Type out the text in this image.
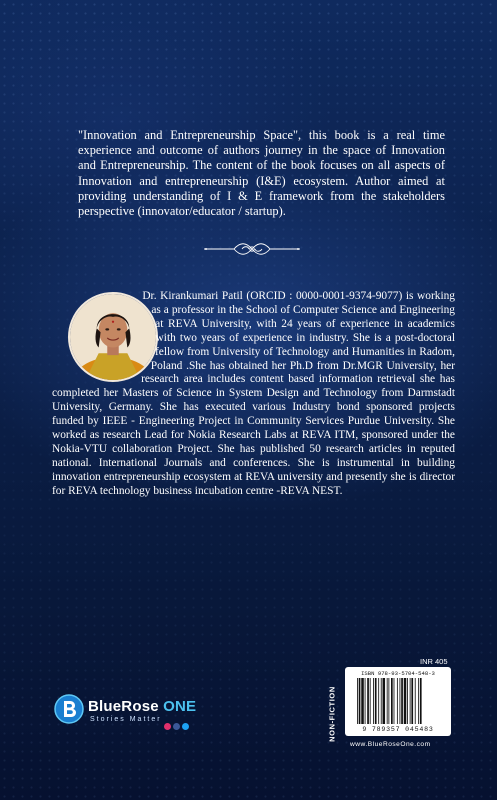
"Innovation and Entrepreneurship Space", this book is a real time experience and outcome of authors journey in the space of Innovation and Entrepreneurship. The content of the book focuses on all aspects of Innovation and entrepreneurship (I&E) ecosystem. Author aimed at providing understanding of I & E framework from the stakeholders perspective (innovator/educator / startup).

Dr. Kirankumari Patil (ORCID : 0000-0001-9374-9077) is working as a professor in the School of Computer Science and Engineering at REVA University, with 24 years of experience in academics with two years of experience in industry. She is a post-doctoral fellow from University of Technology and Humanities in Radom, Poland .She has obtained her Ph.D from Dr.MGR University, her research area includes content based information retrieval she has completed her Masters of Science in System Design and Technology from Darmstadt University, Germany. She has executed various Industry bond sponsored projects funded by IEEE - Engineering Project in Community Services Purdue University. She worked as research Lead for Nokia Research Labs at REVA ITM, sponsored under the Nokia-VTU collaboration Project. She has published 50 research articles in reputed national. International Journals and conferences. She is instrumental in building innovation entrepreneurship ecosystem at REVA university and presently she is director for REVA technology business incubation centre -REVA NEST.

BlueRose ONE
Stories Matter
INR 405
NON-FICTION
ISBN 978-93-5704-548-3
9 789357 045483
www.BlueRoseOne.com
